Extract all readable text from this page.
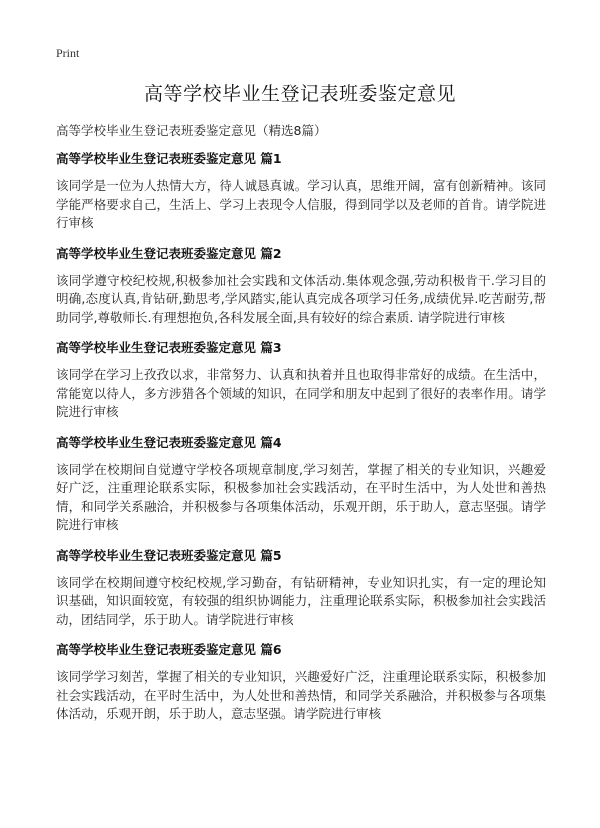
Print
高等学校毕业生登记表班委鉴定意见

高等学校毕业生登记表班委鉴定意见（精选8篇）

高等学校毕业生登记表班委鉴定意见 篇1

该同学是一位为人热情大方，待人诚恳真诚。学习认真，思维开阔，富有创新精神。该同学能严格要求自己，生活上、学习上表现令人信服，得到同学以及老师的首肯。请学院进行审核

高等学校毕业生登记表班委鉴定意见 篇2

该同学遵守校纪校规,积极参加社会实践和文体活动.集体观念强,劳动积极肯干.学习目的明确,态度认真,肯钻研,勤思考,学风踏实,能认真完成各项学习任务,成绩优异.吃苦耐劳,帮助同学,尊敬师长.有理想抱负,各科发展全面,具有较好的综合素质. 请学院进行审核

高等学校毕业生登记表班委鉴定意见 篇3

该同学在学习上孜孜以求，非常努力、认真和执着并且也取得非常好的成绩。在生活中，常能宽以待人，多方涉猎各个领域的知识，在同学和朋友中起到了很好的表率作用。请学院进行审核

高等学校毕业生登记表班委鉴定意见 篇4

该同学在校期间自觉遵守学校各项规章制度,学习刻苦，掌握了相关的专业知识，兴趣爱好广泛，注重理论联系实际，积极参加社会实践活动，在平时生活中，为人处世和善热情，和同学关系融洽，并积极参与各项集体活动，乐观开朗，乐于助人，意志坚强。请学院进行审核

高等学校毕业生登记表班委鉴定意见 篇5

该同学在校期间遵守校纪校规,学习勤奋，有钻研精神，专业知识扎实，有一定的理论知识基础，知识面较宽，有较强的组织协调能力，注重理论联系实际，积极参加社会实践活动，团结同学，乐于助人。请学院进行审核

高等学校毕业生登记表班委鉴定意见 篇6

该同学学习刻苦，掌握了相关的专业知识，兴趣爱好广泛，注重理论联系实际，积极参加社会实践活动，在平时生活中，为人处世和善热情，和同学关系融洽，并积极参与各项集体活动，乐观开朗，乐于助人，意志坚强。请学院进行审核
